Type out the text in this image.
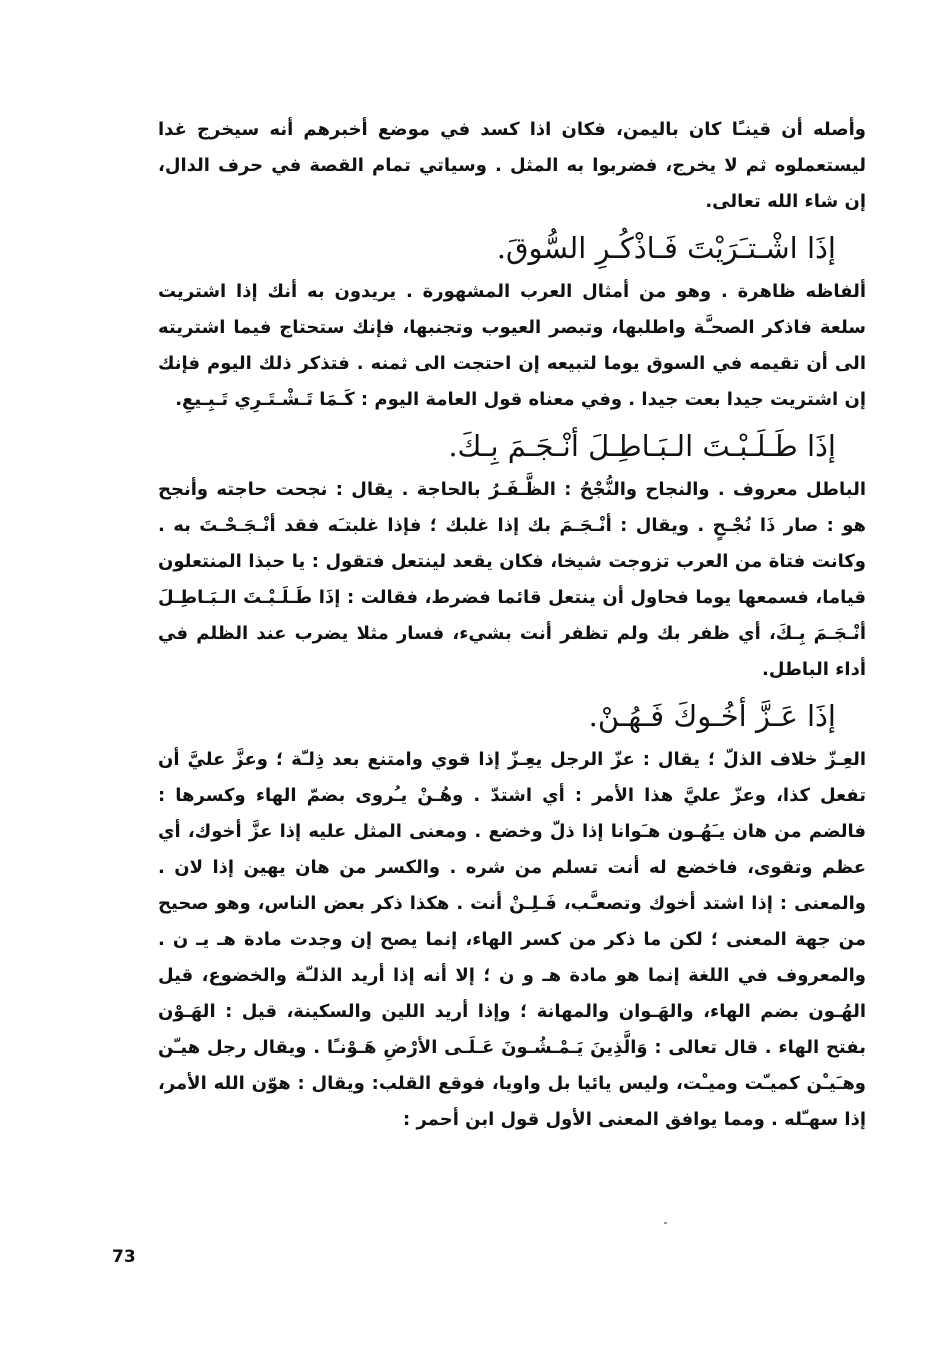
وأصله أن قينـًا كان باليمن، فكان اذا كسد في موضع أخبرهم أنه سيخرج غدا ليستعملوه ثم لا يخرج، فضربوا به المثل . وسياتي تمام القصة في حرف الدال، إن شاء الله تعالى.

إذَا اشْـتـَرَيْتَ فَـاذْكُـرِ السُّوقَ.

ألفاظه ظاهرة . وهو من أمثال العرب المشهورة . يريدون به أنك إذا اشتريت سلعة فاذكر الصحـَّة واطلبها، وتبصر العيوب وتجنبها، فإنك ستحتاج فيما اشتريته الى أن تقيمه في السوق يوما لتبيعه إن احتجت الى ثمنه . فتذكر ذلك اليوم فإنك إن اشتريت جيدا بعت جيدا . وفي معناه قول العامة اليوم : كَـمَا تَـشْـتَـرِي تَـبِـيعِ.

إذَا طَـلَـبْـتَ الـبَـاطِـلَ أنْـجَـمَ بِـكَ.

الباطل معروف . والنجاح والنُّجْحُ : الظَّـفَـرُ بالحاجة . يقال : نجحت حاجته وأنجح هو : صار ذَا نُجْـحٍ . ويقال : أنْـجَـمَ بك إذا غلبك ؛ فإذا غلبتـَه فقد أنْـجَـحْـتَ به . وكانت فتاة من العرب تزوجت شيخا، فكان يقعد لينتعل فتقول : يا حبذا المنتعلون قياما، فسمعها يوما فحاول أن ينتعل قائما فضرط، فقالت : إذَا طَـلَـبْـتَ الـبَـاطِـلَ أنْـجَـمَ بِـكَ، أي ظفر بك ولم تظفر أنت بشيء، فسار مثلا يضرب عند الظلم في أداء الباطل.

إذَا عَـزَّ أخُـوكَ فَـهُـنْ.

العِـزّ خلاف الذلّ ؛ يقال : عزّ الرجل يعِـزّ إذا قوي وامتنع بعد ذِلـّة ؛ وعزَّ عليَّ أن تفعل كذا، وعزّ عليَّ هذا الأمر : أي اشتدّ . وهُـنْ يـُروى بضمّ الهاء وكسرها : فالضم من هان يـَهُـون هـَوانا إذا ذلّ وخضع . ومعنى المثل عليه إذا عزَّ أخوك، أي عظم وتقوى، فاخضع له أنت تسلم من شره . والكسر من هان يهين إذا لان . والمعنى : إذا اشتد أخوك وتصعـَّب، فَـلِـنْ أنت . هكذا ذكر بعض الناس، وهو صحيح من جهة المعنى ؛ لكن ما ذكر من كسر الهاء، إنما يصح إن وجدت مادة هـ يـ ن . والمعروف في اللغة إنما هو مادة هـ و ن ؛ إلا أنه إذا أريد الذلـّة والخضوع، قيل الهُـون بضم الهاء، والهَـوان والمهانة ؛ وإذا أريد اللين والسكينة، قيل : الهَـوْن بفتح الهاء . قال تعالى : وَالَّذِينَ يَـمْـشُـونَ عَـلَـى الأرْضِ هَـوْنـًا . ويقال رجل هيـّن وهـَيـْن كميـّت وميـْت، وليس يائيا بل واويا، فوقع القلب: ويقال : هوّن الله الأمر، إذا سهـّله . ومما يوافق المعنى الأول قول ابن أحمر :

73
